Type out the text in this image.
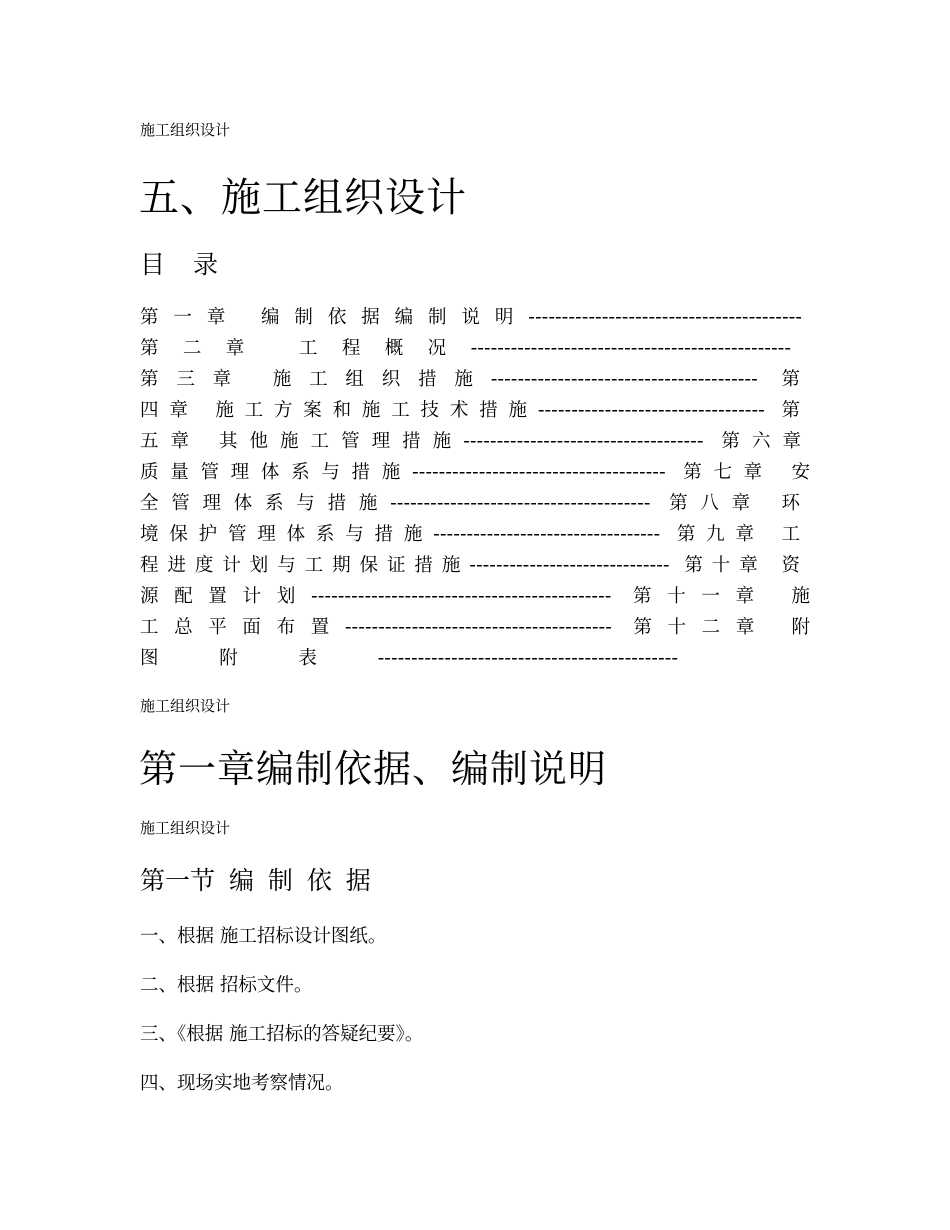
施工组织设计
五、施工组织设计
目 录
第一章 编制依据编制说明-----------------------------------------
第二章 工程概况------------------------------------------------
第三章 施工组织措施---------------------------------------- 第
四章 施工方案和施工技术措施---------------------------------- 第
五章 其他施工管理措施------------------------------------ 第六章
质量管理体系与措施-------------------------------------- 第七章 安
全管理体系与措施--------------------------------------- 第八章 环
境保护管理体系与措施---------------------------------- 第九章 工
程进度计划与工期保证措施------------------------------ 第十章 资
源配置计划--------------------------------------------- 第十一章 施
工总平面布置---------------------------------------- 第十二章 附
图附表---------------------------------------------
施工组织设计
第一章编制依据、编制说明
施工组织设计
第一节 编 制 依 据
一、根据 施工招标设计图纸。
二、根据 招标文件。
三、《根据 施工招标的答疑纪要》。
四、现场实地考察情况。
